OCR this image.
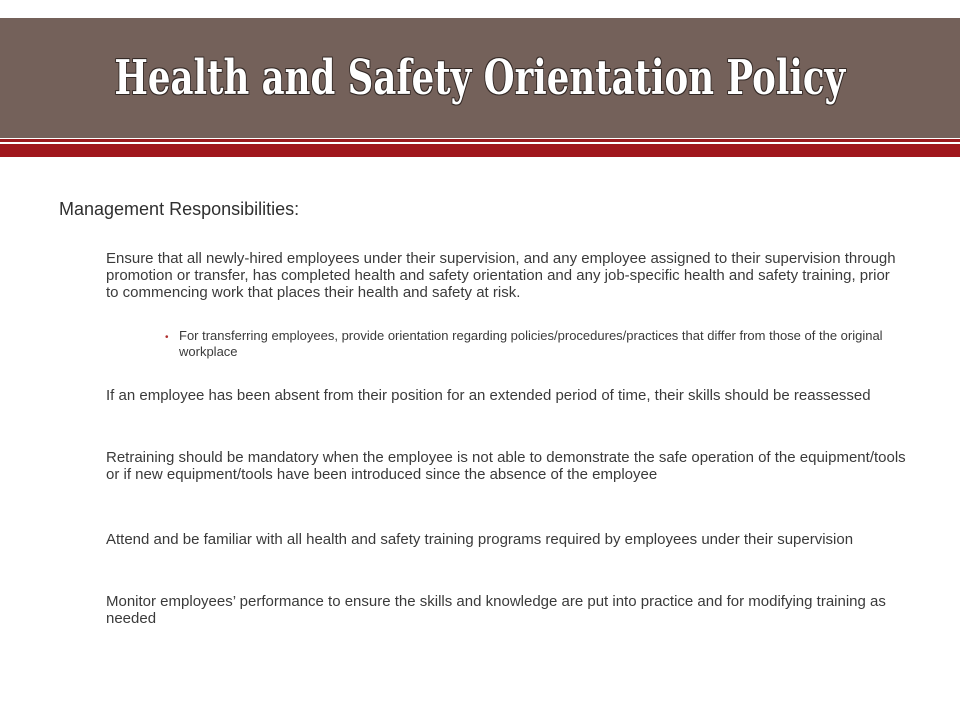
Health and Safety Orientation Policy
Management Responsibilities:
Ensure that all newly-hired employees under their supervision, and any employee assigned to their supervision through promotion or transfer, has completed health and safety orientation and any job-specific health and safety training, prior to commencing work that places their health and safety at risk.
• For transferring employees, provide orientation regarding policies/procedures/practices that differ from those of the original workplace
If an employee has been absent from their position for an extended period of time, their skills should be reassessed
Retraining should be mandatory when the employee is not able to demonstrate the safe operation of the equipment/tools or if new equipment/tools have been introduced since the absence of the employee
Attend and be familiar with all health and safety training programs required by employees under their supervision
Monitor employees’ performance to ensure the skills and knowledge are put into practice and for modifying training as needed
